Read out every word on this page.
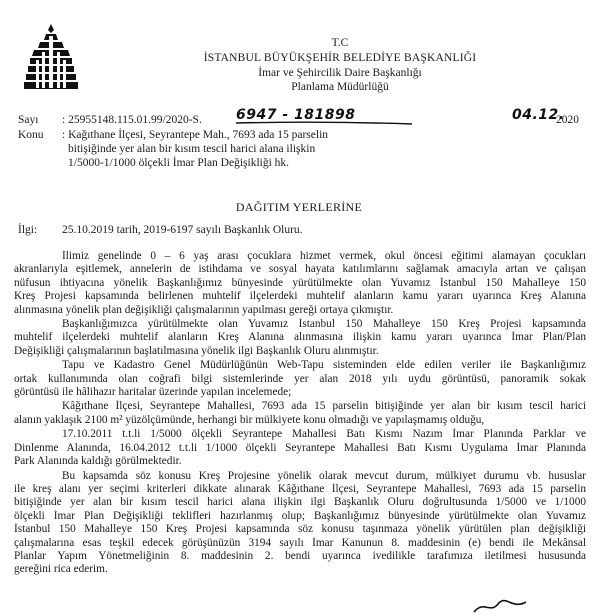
T.C
İSTANBUL BÜYÜKŞEHİR BELEDİYE BAŞKANLIĞI
İmar ve Şehircilik Daire Başkanlığı
Planlama Müdürlüğü
Sayı : 25955148.115.01.99/2020-S. 6947 - 181898	04.12.
2020
Konu : Kağıthane İlçesi, Seyrantepe Mah., 7693 ada 15 parselin
bitişiğinde yer alan bir kısım tescil harici alana ilişkin
1/5000-1/1000 ölçekli İmar Plan Değişikliği hk.
DAĞITIM YERLERİNE
İlgi: 25.10.2019 tarih, 2019-6197 sayılı Başkanlık Oluru.
İlimiz genelinde 0 – 6 yaş arası çocuklara hizmet vermek, okul öncesi eğitimi alamayan çocukları
akranlarıyla eşitlemek, annelerin de istihdama ve sosyal hayata katılımlarını sağlamak amacıyla artan ve çalışan
nüfusun ihtiyacına yönelik Başkanlığımız bünyesinde yürütülmekte olan Yuvamız İstanbul 150 Mahalleye 150
Kreş Projesi kapsamında belirlenen muhtelif ilçelerdeki muhtelif alanların kamu yararı uyarınca Kreş Alanına
alınmasına yönelik plan değişikliği çalışmalarının yapılması gereği ortaya çıkmıştır.
Başkanlığımızca yürütülmekte olan Yuvamız İstanbul 150 Mahalleye 150 Kreş Projesi kapsamında
muhtelif ilçelerdeki muhtelif alanların Kreş Alanına alınmasına ilişkin kamu yararı uyarınca İmar Plan/Plan
Değişikliği çalışmalarının başlatılmasına yönelik ilgi Başkanlık Oluru alınmıştır.
Tapu ve Kadastro Genel Müdürlüğünün Web-Tapu sisteminden elde edilen veriler ile Başkanlığımız
ortak kullanımında olan coğrafi bilgi sistemlerinde yer alan 2018 yılı uydu görüntüsü, panoramik sokak
görüntüsü ile hâlihazır haritalar üzerinde yapılan incelemede;
Kâğıthane İlçesi, Seyrantepe Mahallesi, 7693 ada 15 parselin bitişiğinde yer alan bir kısım tescil harici
alanın yaklaşık 2100 m² yüzölçümünde, herhangi bir mülkiyete konu olmadığı ve yapılaşmamış olduğu,
17.10.2011 t.t.li 1/5000 ölçekli Seyrantepe Mahallesi Batı Kısmı Nazım İmar Planında Parklar ve
Dinlenme Alanında, 16.04.2012 t.t.li 1/1000 ölçekli Seyrantepe Mahallesi Batı Kısmı Uygulama İmar Planında
Park Alanında kaldığı görülmektedir.
Bu kapsamda söz konusu Kreş Projesine yönelik olarak mevcut durum, mülkiyet durumu vb. hususlar
ile kreş alanı yer seçimi kriterleri dikkate alınarak Kâğıthane İlçesi, Seyrantepe Mahallesi, 7693 ada 15 parselin
bitişiğinde yer alan bir kısım tescil harici alana ilişkin ilgi Başkanlık Oluru doğrultusunda 1/5000 ve 1/1000
ölçekli İmar Plan Değişikliği teklifleri hazırlanmış olup; Başkanlığımız bünyesinde yürütülmekte olan Yuvamız
İstanbul 150 Mahalleye 150 Kreş Projesi kapsamında söz konusu taşınmaza yönelik yürütülen plan değişikliği
çalışmalarına esas teşkil edecek görüşünüzün 3194 sayılı İmar Kanunun 8. maddesinin (e) bendi ile Mekânsal
Planlar Yapım Yönetmeliğinin 8. maddesinin 2. bendi uyarınca ivedilikle tarafımıza iletilmesi hususunda
gereğini rica ederim.
